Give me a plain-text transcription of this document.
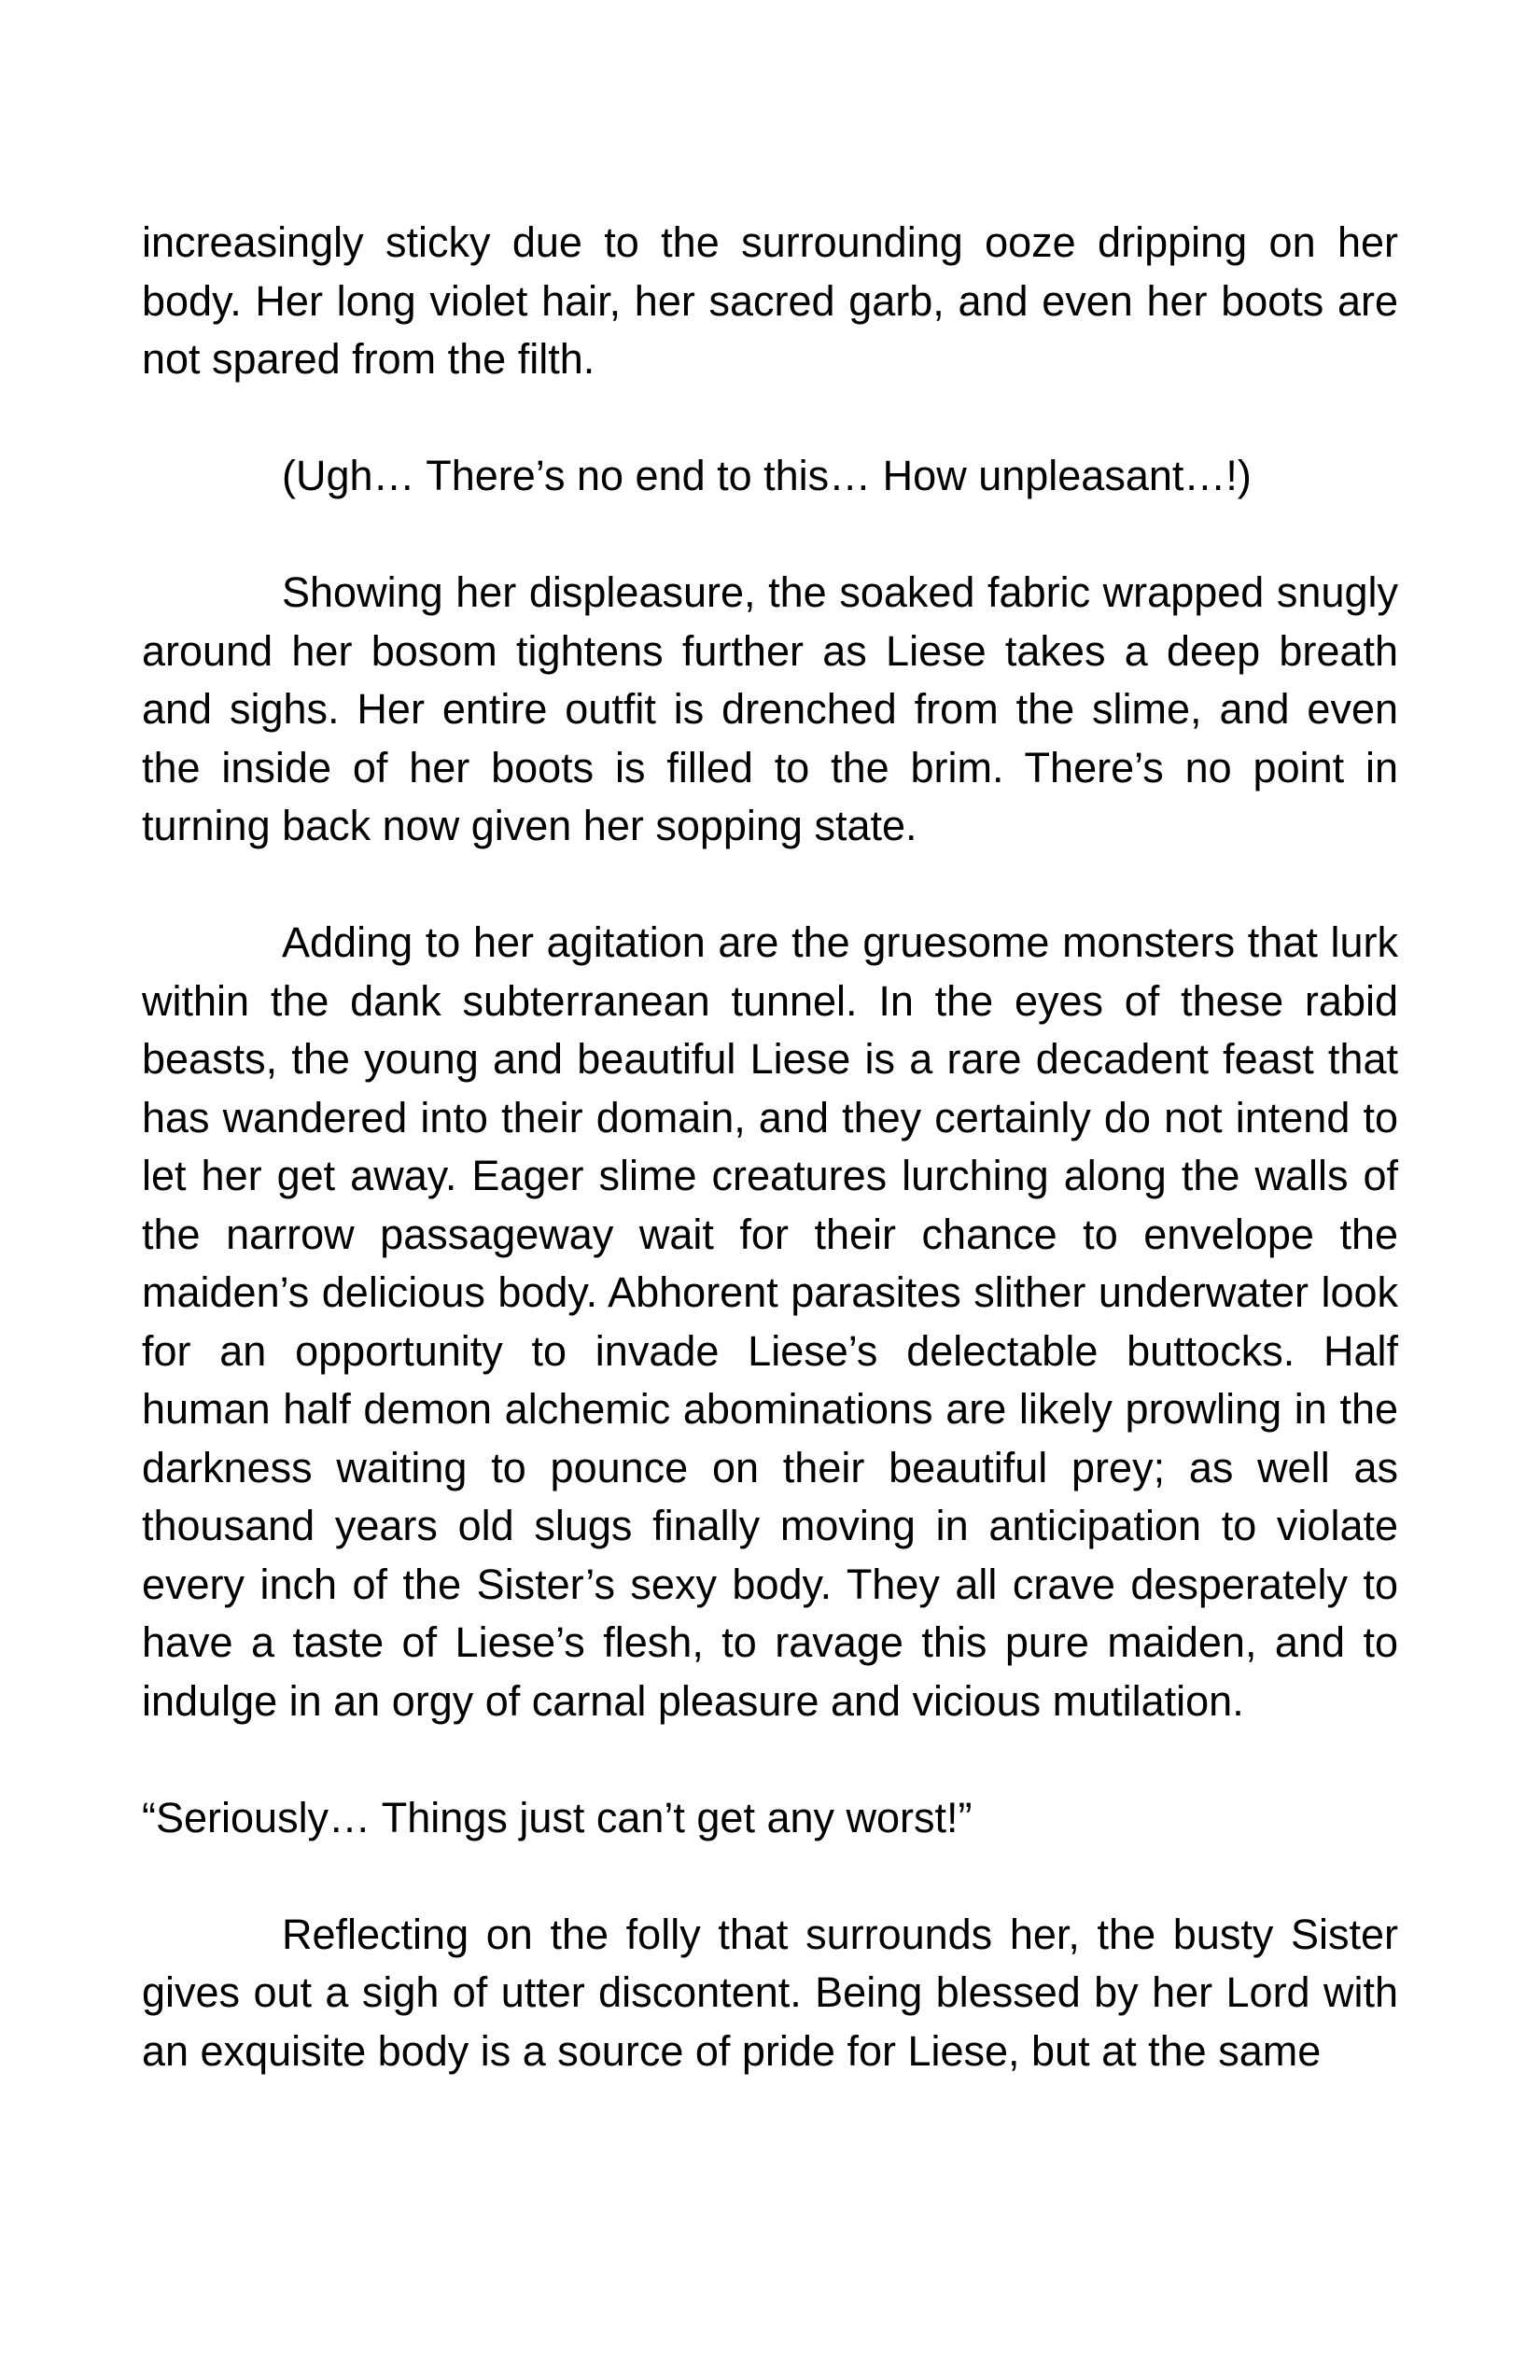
increasingly sticky due to the surrounding ooze dripping on her body. Her long violet hair, her sacred garb, and even her boots are not spared from the filth.

(Ugh… There’s no end to this… How unpleasant…!)

Showing her displeasure, the soaked fabric wrapped snugly around her bosom tightens further as Liese takes a deep breath and sighs. Her entire outfit is drenched from the slime, and even the inside of her boots is filled to the brim. There’s no point in turning back now given her sopping state.

Adding to her agitation are the gruesome monsters that lurk within the dank subterranean tunnel. In the eyes of these rabid beasts, the young and beautiful Liese is a rare decadent feast that has wandered into their domain, and they certainly do not intend to let her get away. Eager slime creatures lurching along the walls of the narrow passageway wait for their chance to envelope the maiden’s delicious body. Abhorent parasites slither underwater look for an opportunity to invade Liese’s delectable buttocks. Half human half demon alchemic abominations are likely prowling in the darkness waiting to pounce on their beautiful prey; as well as thousand years old slugs finally moving in anticipation to violate every inch of the Sister’s sexy body. They all crave desperately to have a taste of Liese’s flesh, to ravage this pure maiden, and to indulge in an orgy of carnal pleasure and vicious mutilation.

“Seriously… Things just can’t get any worst!”

Reflecting on the folly that surrounds her, the busty Sister gives out a sigh of utter discontent. Being blessed by her Lord with an exquisite body is a source of pride for Liese, but at the same
